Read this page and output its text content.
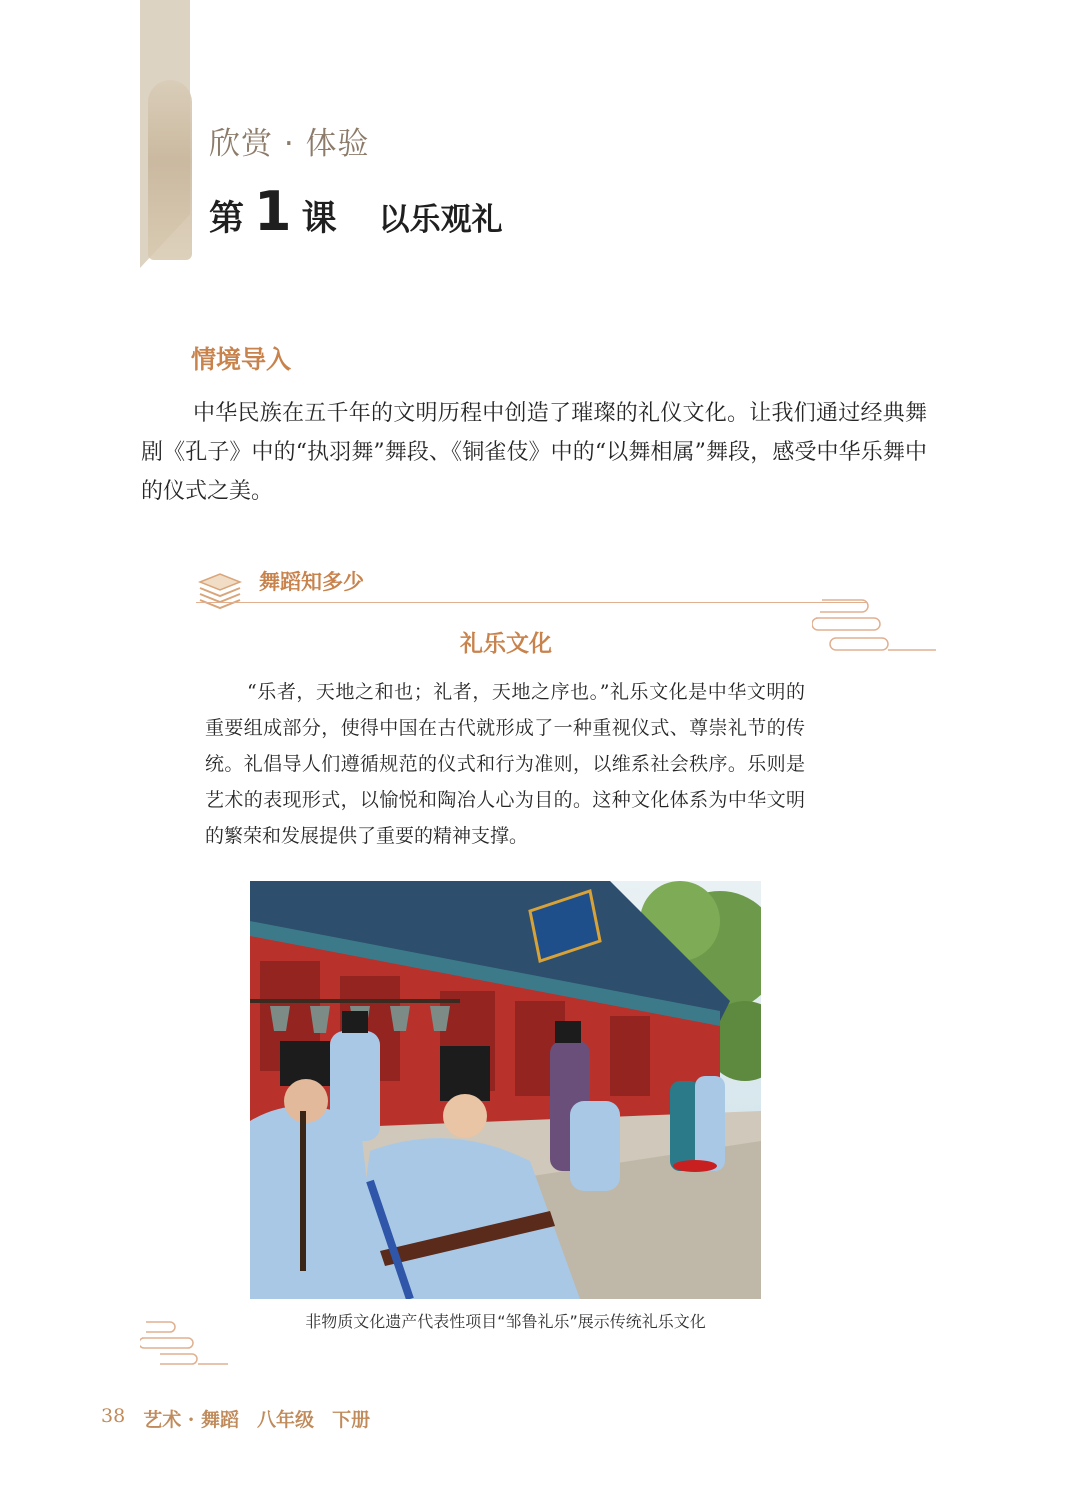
欣赏 · 体验
第 1 课 以乐观礼
情境导入

中华民族在五千年的文明历程中创造了璀璨的礼仪文化。让我们通过经典舞剧《孔子》中的“执羽舞”舞段、《铜雀伎》中的“以舞相属”舞段，感受中华乐舞中的仪式之美。

舞蹈知多少
礼乐文化

“乐者，天地之和也；礼者，天地之序也。”礼乐文化是中华文明的重要组成部分，使得中国在古代就形成了一种重视仪式、尊崇礼节的传统。礼倡导人们遵循规范的仪式和行为准则，以维系社会秩序。乐则是艺术的表现形式，以愉悦和陶冶人心为目的。这种文化体系为中华文明的繁荣和发展提供了重要的精神支撑。

非物质文化遗产代表性项目“邹鲁礼乐”展示传统礼乐文化
38 艺术 · 舞蹈 八年级 下册
